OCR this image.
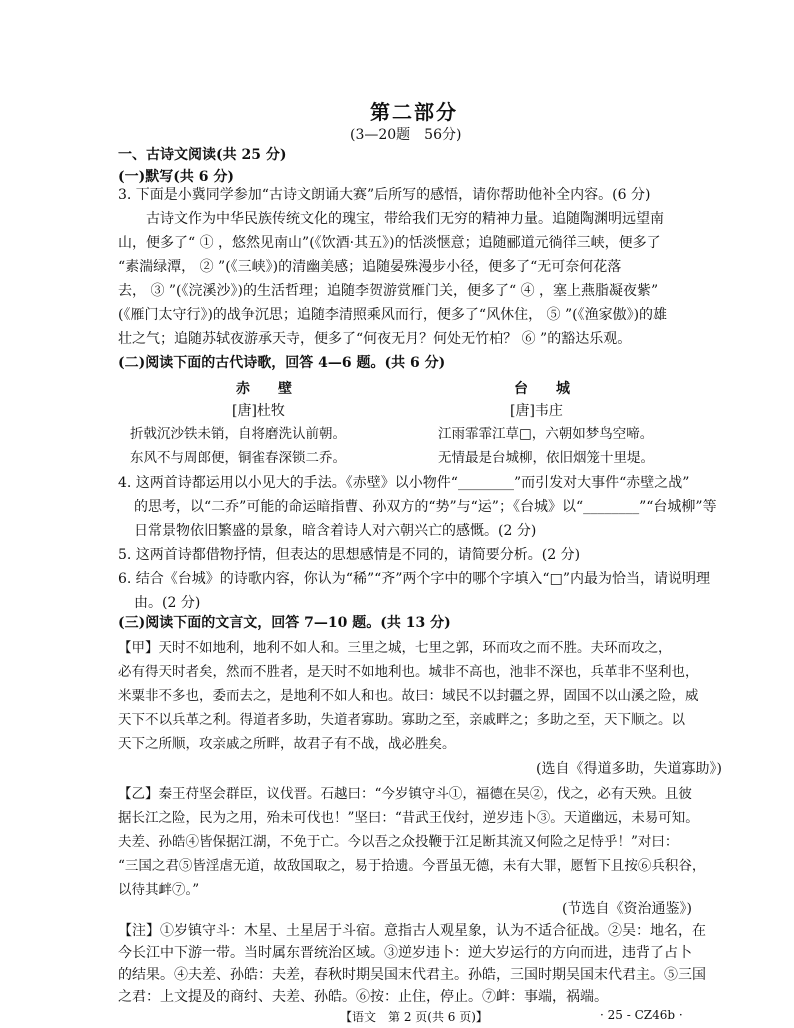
第二部分
(3—20题　56分)
一、古诗文阅读(共 25 分)
(一)默写(共 6 分)
3. 下面是小冀同学参加“古诗文朗诵大赛”后所写的感悟，请你帮助他补全内容。(6 分)
古诗文作为中华民族传统文化的瑰宝，带给我们无穷的精神力量。追随陶渊明远望南
山，便多了“ ① ，悠然见南山”(《饮酒·其五》)的恬淡惬意；追随郦道元徜徉三峡，便多了
“素湍绿潭， ② ”(《三峡》)的清幽美感；追随晏殊漫步小径，便多了“无可奈何花落
去， ③ ”(《浣溪沙》)的生活哲理；追随李贺游赏雁门关，便多了“ ④ ，塞上燕脂凝夜紫”
(《雁门太守行》)的战争沉思；追随李清照乘风而行，便多了“风休住， ⑤ ”(《渔家傲》)的雄
壮之气；追随苏轼夜游承天寺，便多了“何夜无月？何处无竹柏？ ⑥ ”的豁达乐观。
(二)阅读下面的古代诗歌，回答 4—6 题。(共 6 分)
赤　　壁
[唐]杜牧
折戟沉沙铁未销，自将磨洗认前朝。
东风不与周郎便，铜雀春深锁二乔。
台　　城
[唐]韦庄
江雨霏霏江草□，六朝如梦鸟空啼。
无情最是台城柳，依旧烟笼十里堤。
4. 这两首诗都运用以小见大的手法。《赤壁》以小物件“________”而引发对大事件“赤壁之战”
的思考，以“二乔”可能的命运暗指曹、孙双方的“势”与“运”；《台城》以“________”“台城柳”等
日常景物依旧繁盛的景象，暗含着诗人对六朝兴亡的感慨。(2 分)
5. 这两首诗都借物抒情，但表达的思想感情是不同的，请简要分析。(2 分)
6. 结合《台城》的诗歌内容，你认为“稀”“齐”两个字中的哪个字填入“□”内最为恰当，请说明理
由。(2 分)
(三)阅读下面的文言文，回答 7—10 题。(共 13 分)
【甲】天时不如地利，地利不如人和。三里之城，七里之郭，环而攻之而不胜。夫环而攻之，
必有得天时者矣，然而不胜者，是天时不如地利也。城非不高也，池非不深也，兵革非不坚利也，
米粟非不多也，委而去之，是地利不如人和也。故曰：域民不以封疆之界，固国不以山溪之险，威
天下不以兵革之利。得道者多助，失道者寡助。寡助之至，亲戚畔之；多助之至，天下顺之。以
天下之所顺，攻亲戚之所畔，故君子有不战，战必胜矣。
(选自《得道多助，失道寡助》)
【乙】秦王苻坚会群臣，议伐晋。石越曰：“今岁镇守斗①，福德在吴②，伐之，必有天殃。且彼
据长江之险，民为之用，殆未可伐也！”坚曰：“昔武王伐纣，逆岁违卜③。天道幽远，未易可知。
夫差、孙皓④皆保据江湖，不免于亡。今以吾之众投鞭于江足断其流又何险之足恃乎！”对曰：
“三国之君⑤皆淫虐无道，故敌国取之，易于拾遗。今晋虽无德，未有大罪，愿暂下且按⑥兵积谷，
以待其衅⑦。”
(节选自《资治通鉴》)
【注】①岁镇守斗：木星、土星居于斗宿。意指古人观星象，认为不适合征战。②吴：地名，在
今长江中下游一带。当时属东晋统治区域。③逆岁违卜：逆大岁运行的方向而进，违背了占卜
的结果。④夫差、孙皓：夫差，春秋时期吴国末代君主。孙皓，三国时期吴国末代君主。⑤三国
之君：上文提及的商纣、夫差、孙皓。⑥按：止住，停止。⑦衅：事端，祸端。
【语文　第 2 页(共 6 页)】	· 25 - CZ46b ·
